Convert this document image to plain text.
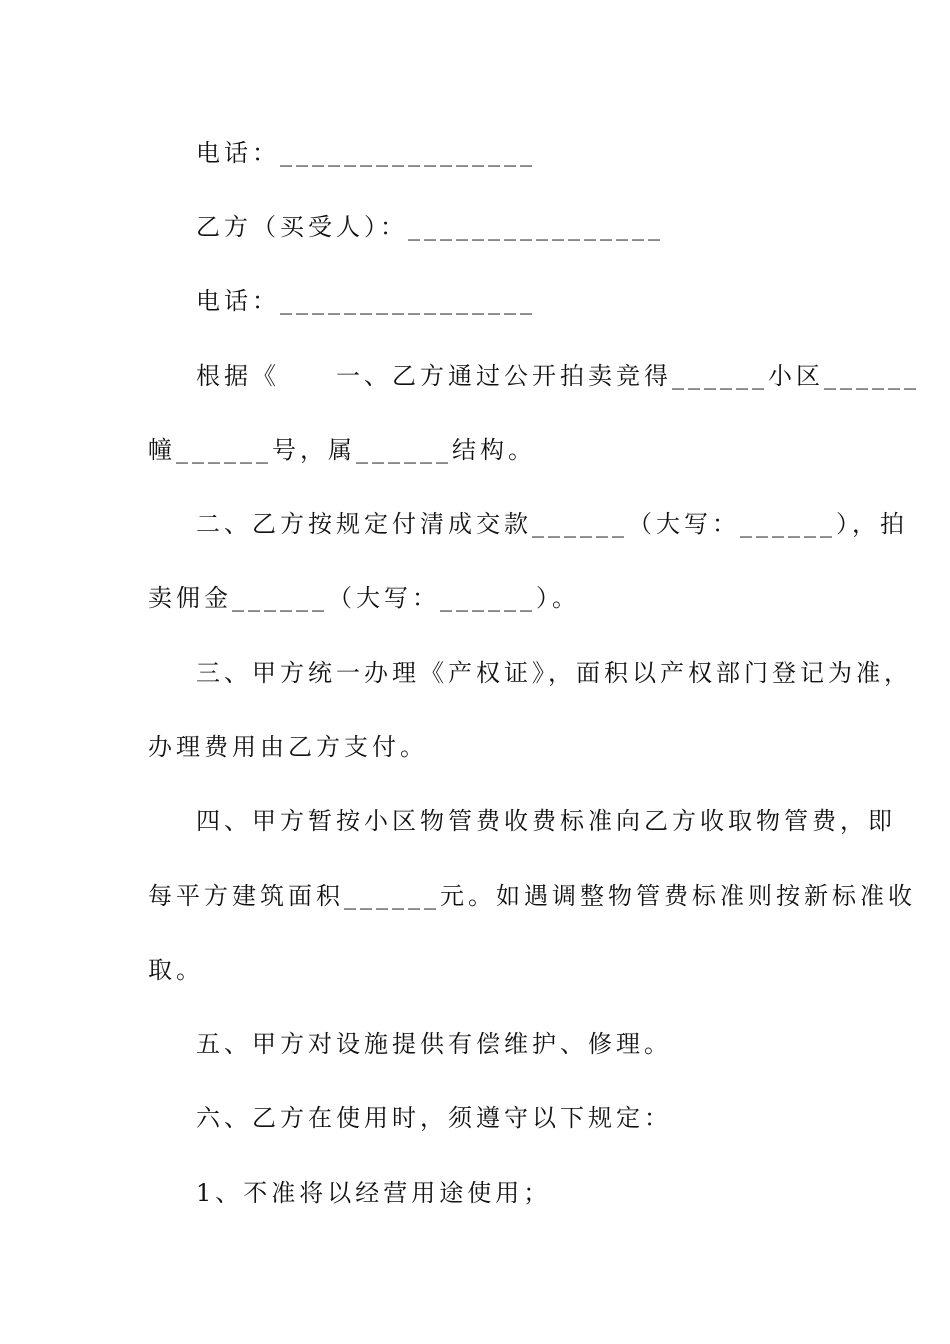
电话：________________
乙方（买受人）：________________
电话：________________
根据《　　一、乙方通过公开拍卖竞得______小区______
幢______号，属______结构。
二、乙方按规定付清成交款______（大写：______），拍
卖佣金______（大写：______）。
三、甲方统一办理《产权证》，面积以产权部门登记为准，
办理费用由乙方支付。
四、甲方暂按小区物管费收费标准向乙方收取物管费，即
每平方建筑面积______元。如遇调整物管费标准则按新标准收
取。
五、甲方对设施提供有偿维护、修理。
六、乙方在使用时，须遵守以下规定：
1、不准将以经营用途使用；
